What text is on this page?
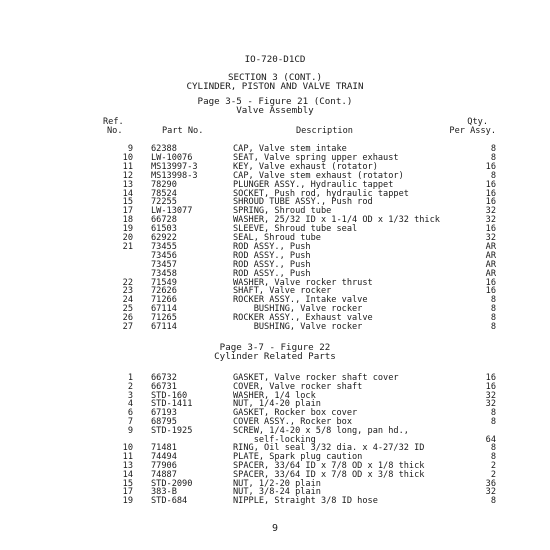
IO-720-D1CD
SECTION 3 (CONT.)
CYLINDER, PISTON AND VALVE TRAIN
Page 3-5 - Figure 21 (Cont.)
Valve Assembly
Ref.
No.	Part No.	Description
Qty.
Per Assy.
9 62388	CAP, Valve stem intake	8
10 LW-10076	SEAT, Valve spring upper exhaust	8
11 MS13997-3	KEY, Valve exhaust (rotator)	16
12 MS13998-3	CAP, Valve stem exhaust (rotator)	8
13 78290	PLUNGER ASSY., Hydraulic tappet	16
14 78524	SOCKET, Push rod, hydraulic tappet	16
15 72255	SHROUD TUBE ASSY., Push rod	16
17 LW-13077	SPRING, Shroud tube	32
18 66728	WASHER, 25/32 ID x 1-1/4 OD x 1/32 thick	32
19 61503	SLEEVE, Shroud tube seal	16
20 62922	SEAL, Shroud tube	32
21 73455	ROD ASSY., Push	AR
73456	ROD ASSY., Push	AR
73457	ROD ASSY., Push	AR
73458	ROD ASSY., Push	AR
22 71549	WASHER, Valve rocker thrust	16
23 72626	SHAFT, Valve rocker	16
24 71266	ROCKER ASSY., Intake valve	8
25 67114	BUSHING, Valve rocker	8
26 71265	ROCKER ASSY., Exhaust valve	8
27 67114	BUSHING, Valve rocker	8
Page 3-7 - Figure 22
Cylinder Related Parts
1 66732	GASKET, Valve rocker shaft cover	16
2 66731	COVER, Valve rocker shaft	16
3 STD-160	WASHER, 1/4 lock	32
4 STD-1411	NUT, 1/4-20 plain	32
6 67193	GASKET, Rocker box cover	8
7 68795	COVER ASSY., Rocker box	8
9 STD-1925	SCREW, 1/4-20 x 5/8 long, pan hd.,
self-locking	64
10 71481	RING, Oil seal 3/32 dia. x 4-27/32 ID	8
11 74494	PLATE, Spark plug caution	8
13 77906	SPACER, 33/64 ID x 7/8 OD x 1/8 thick	2
14 74887	SPACER, 33/64 ID x 7/8 OD x 3/8 thick	2
15 STD-2090	NUT, 1/2-20 plain	36
17 383-B	NUT, 3/8-24 plain	32
19 STD-684	NIPPLE, Straight 3/8 ID hose	8
9
